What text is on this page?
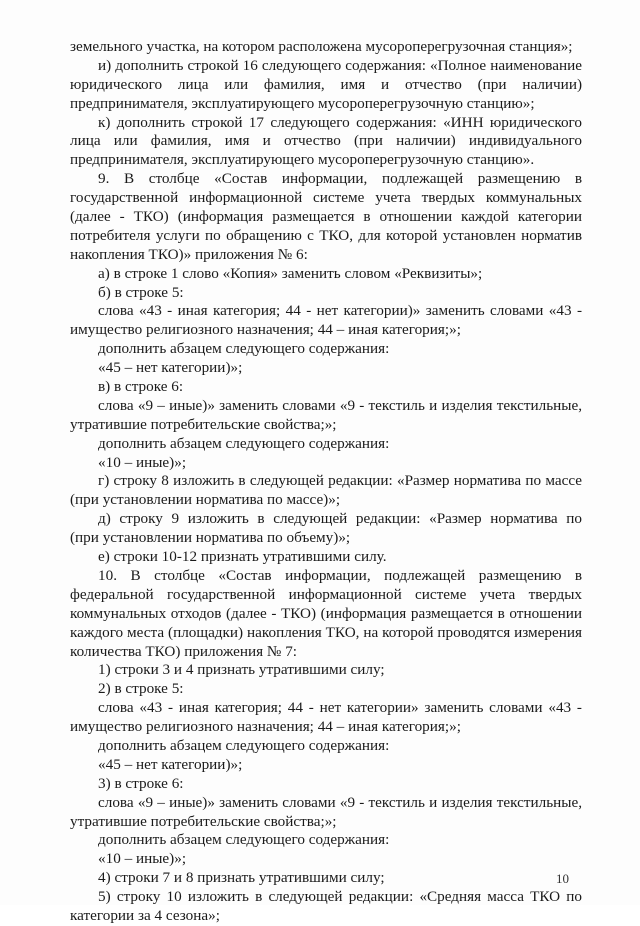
земельного участка, на котором расположена мусороперегрузочная станция»;
и) дополнить строкой 16 следующего содержания: «Полное наименование
юридического лица или фамилия, имя и отчество (при наличии)
предпринимателя, эксплуатирующего мусороперегрузочную станцию»;
к) дополнить строкой 17 следующего содержания: «ИНН юридического
лица или фамилия, имя и отчество (при наличии) индивидуального
предпринимателя, эксплуатирующего мусороперегрузочную станцию».
9. В столбце «Состав информации, подлежащей размещению в
государственной информационной системе учета твердых коммунальных
(далее - ТКО) (информация размещается в отношении каждой категории
потребителя услуги по обращению с ТКО, для которой установлен норматив
накопления ТКО)» приложения № 6:
а) в строке 1 слово «Копия» заменить словом «Реквизиты»;
б) в строке 5:
слова «43 - иная категория; 44 - нет категории)» заменить словами «43 -
имущество религиозного назначения; 44 – иная категория;»;
дополнить абзацем следующего содержания:
«45 – нет категории)»;
в) в строке 6:
слова «9 – иные)» заменить словами «9 - текстиль и изделия текстильные,
утратившие потребительские свойства;»;
дополнить абзацем следующего содержания:
«10 – иные)»;
г) строку 8 изложить в следующей редакции: «Размер норматива по массе
(при установлении норматива по массе)»;
д) строку 9 изложить в следующей редакции: «Размер норматива по
(при установлении норматива по объему)»;
е) строки 10-12 признать утратившими силу.
10. В столбце «Состав информации, подлежащей размещению в
федеральной государственной информационной системе учета твердых
коммунальных отходов (далее - ТКО) (информация размещается в отношении
каждого места (площадки) накопления ТКО, на которой проводятся измерения
количества ТКО) приложения № 7:
1) строки 3 и 4 признать утратившими силу;
2) в строке 5:
слова «43 - иная категория; 44 - нет категории» заменить словами «43 -
имущество религиозного назначения; 44 – иная категория;»;
дополнить абзацем следующего содержания:
«45 – нет категории)»;
3) в строке 6:
слова «9 – иные)» заменить словами «9 - текстиль и изделия текстильные,
утратившие потребительские свойства;»;
дополнить абзацем следующего содержания:
«10 – иные)»;
4) строки 7 и 8 признать утратившими силу;
5) строку 10 изложить в следующей редакции: «Средняя масса ТКО по
категории за 4 сезона»;
10
